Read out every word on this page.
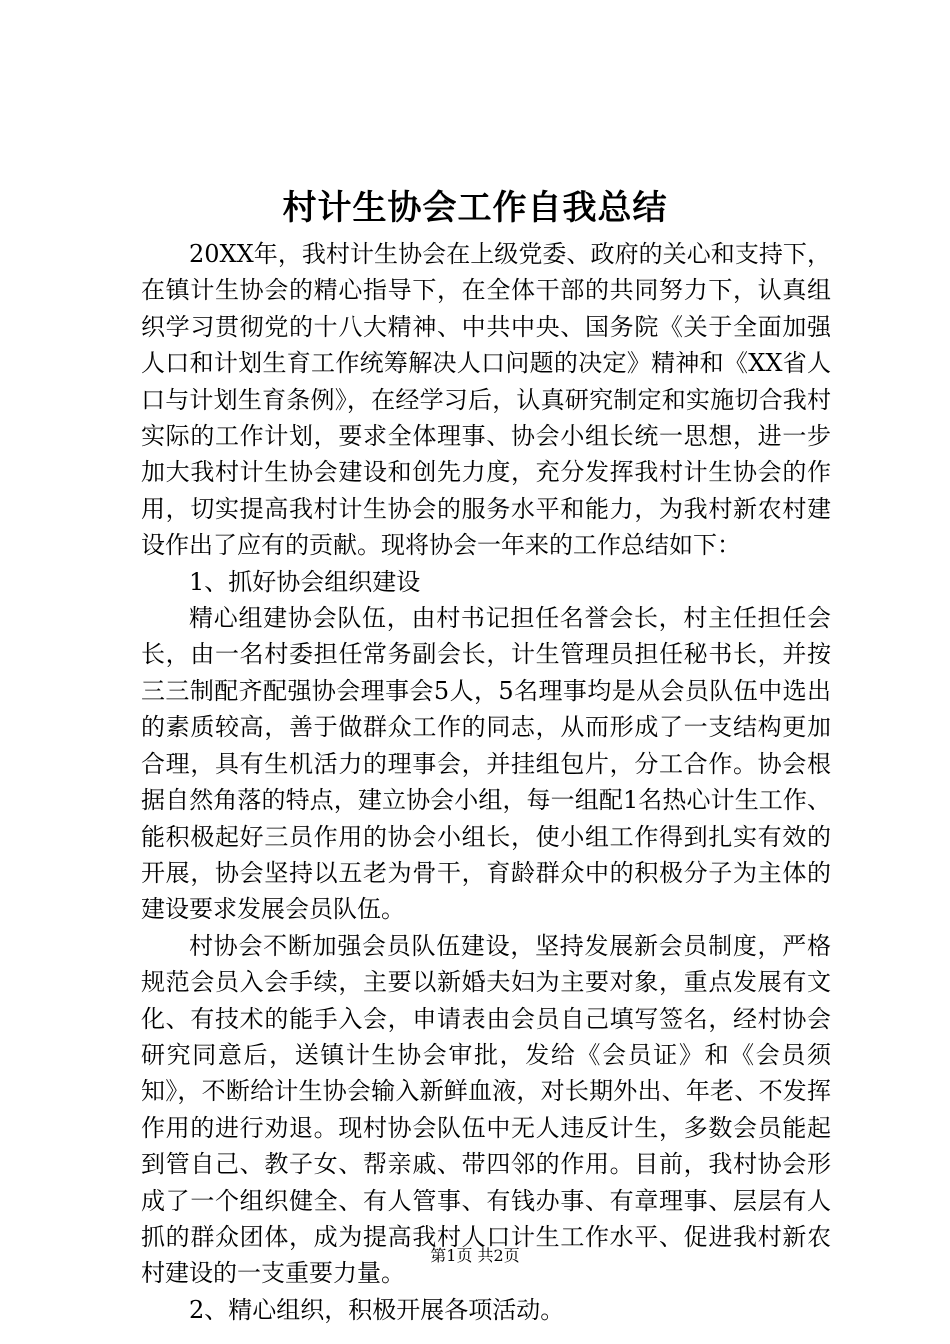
村计生协会工作自我总结

20XX年，我村计生协会在上级党委、政府的关心和支持下，在镇计生协会的精心指导下，在全体干部的共同努力下，认真组织学习贯彻党的十八大精神、中共中央、国务院《关于全面加强人口和计划生育工作统筹解决人口问题的决定》精神和《XX省人口与计划生育条例》，在经学习后，认真研究制定和实施切合我村实际的工作计划，要求全体理事、协会小组长统一思想，进一步加大我村计生协会建设和创先力度，充分发挥我村计生协会的作用，切实提高我村计生协会的服务水平和能力，为我村新农村建设作出了应有的贡献。现将协会一年来的工作总结如下：

1、抓好协会组织建设

精心组建协会队伍，由村书记担任名誉会长，村主任担任会长，由一名村委担任常务副会长，计生管理员担任秘书长，并按三三制配齐配强协会理事会5人，5名理事均是从会员队伍中选出的素质较高，善于做群众工作的同志，从而形成了一支结构更加合理，具有生机活力的理事会，并挂组包片，分工合作。协会根据自然角落的特点，建立协会小组，每一组配1名热心计生工作、能积极起好三员作用的协会小组长，使小组工作得到扎实有效的开展，协会坚持以五老为骨干，育龄群众中的积极分子为主体的建设要求发展会员队伍。

村协会不断加强会员队伍建设，坚持发展新会员制度，严格规范会员入会手续，主要以新婚夫妇为主要对象，重点发展有文化、有技术的能手入会，申请表由会员自己填写签名，经村协会研究同意后，送镇计生协会审批，发给《会员证》和《会员须知》，不断给计生协会输入新鲜血液，对长期外出、年老、不发挥作用的进行劝退。现村协会队伍中无人违反计生，多数会员能起到管自己、教子女、帮亲戚、带四邻的作用。目前，我村协会形成了一个组织健全、有人管事、有钱办事、有章理事、层层有人抓的群众团体，成为提高我村人口计生工作水平、促进我村新农村建设的一支重要力量。

2、精心组织，积极开展各项活动。

第1页 共2页
